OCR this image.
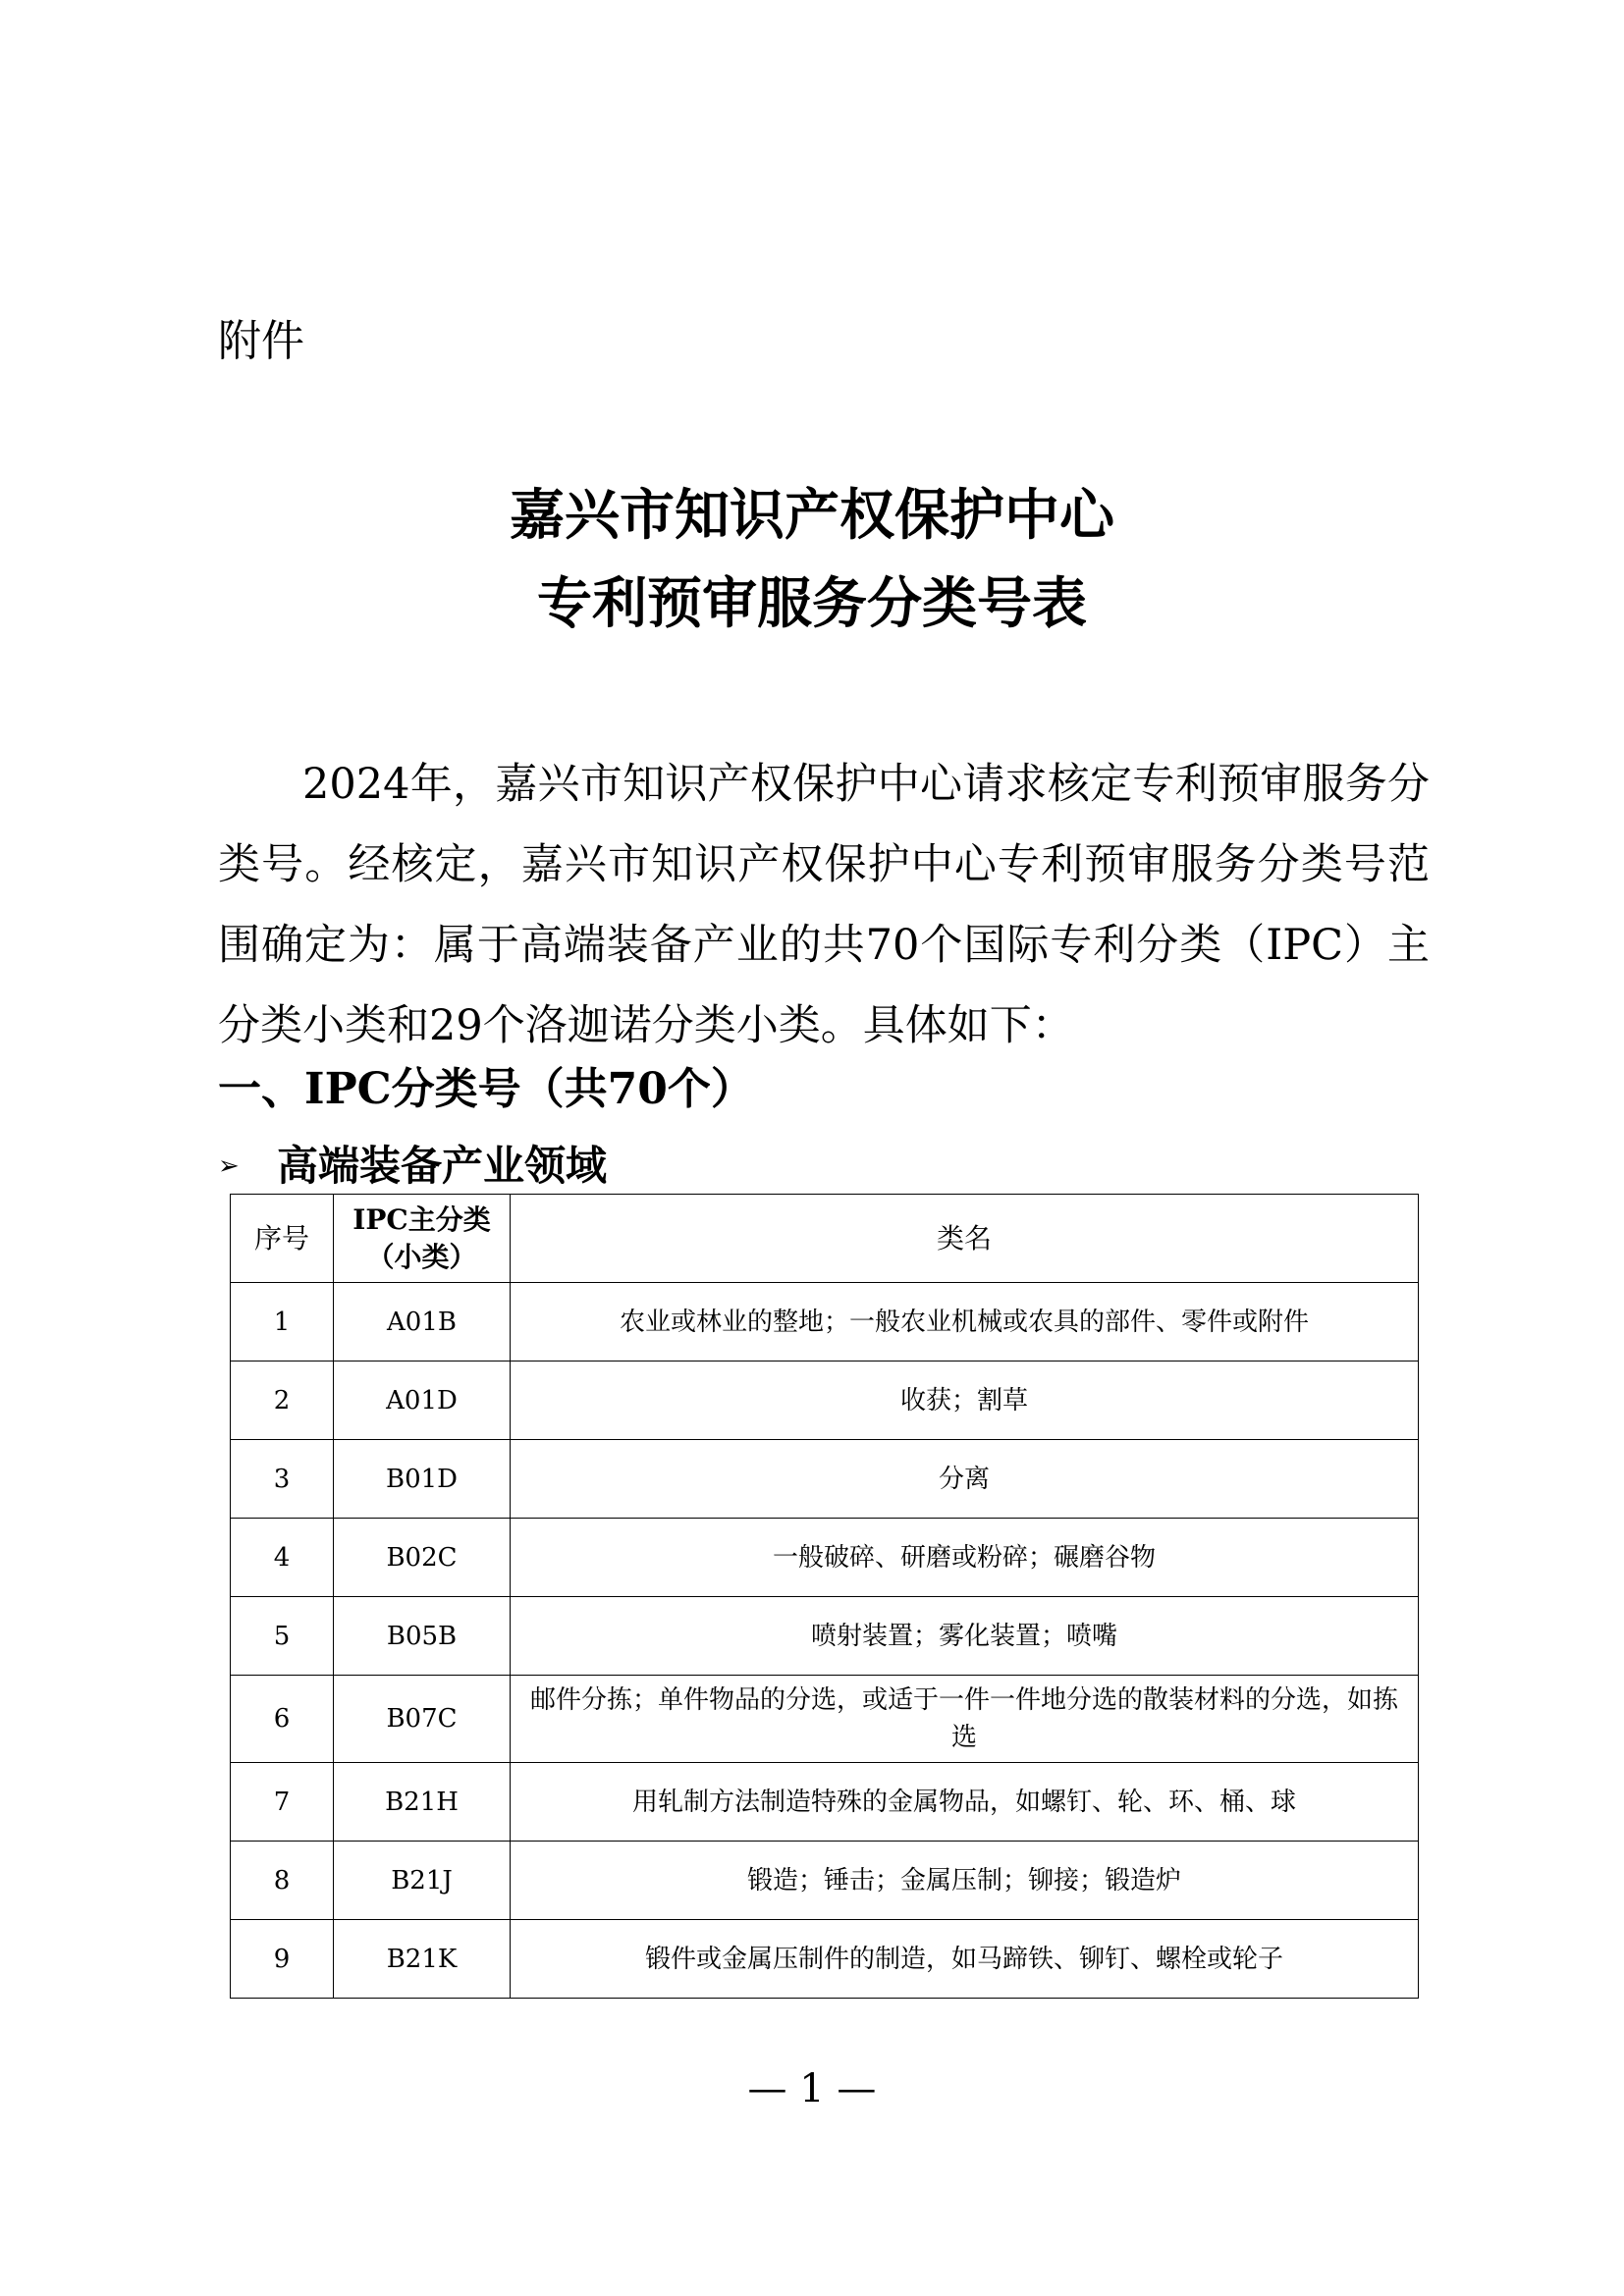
附件
嘉兴市知识产权保护中心
专利预审服务分类号表
2024年，嘉兴市知识产权保护中心请求核定专利预审服务分类号。经核定，嘉兴市知识产权保护中心专利预审服务分类号范围确定为：属于高端装备产业的共70个国际专利分类（IPC）主分类小类和29个洛迦诺分类小类。具体如下：
一、IPC分类号（共70个）
➢ 高端装备产业领域
序号	IPC主分类（小类）	类名
1	A01B	农业或林业的整地；一般农业机械或农具的部件、零件或附件
2	A01D	收获；割草
3	B01D	分离
4	B02C	一般破碎、研磨或粉碎；碾磨谷物
5	B05B	喷射装置；雾化装置；喷嘴
6	B07C	邮件分拣；单件物品的分选，或适于一件一件地分选的散装材料的分选，如拣选
7	B21H	用轧制方法制造特殊的金属物品，如螺钉、轮、环、桶、球
8	B21J	锻造；锤击；金属压制；铆接；锻造炉
9	B21K	锻件或金属压制件的制造，如马蹄铁、铆钉、螺栓或轮子
— 1 —
